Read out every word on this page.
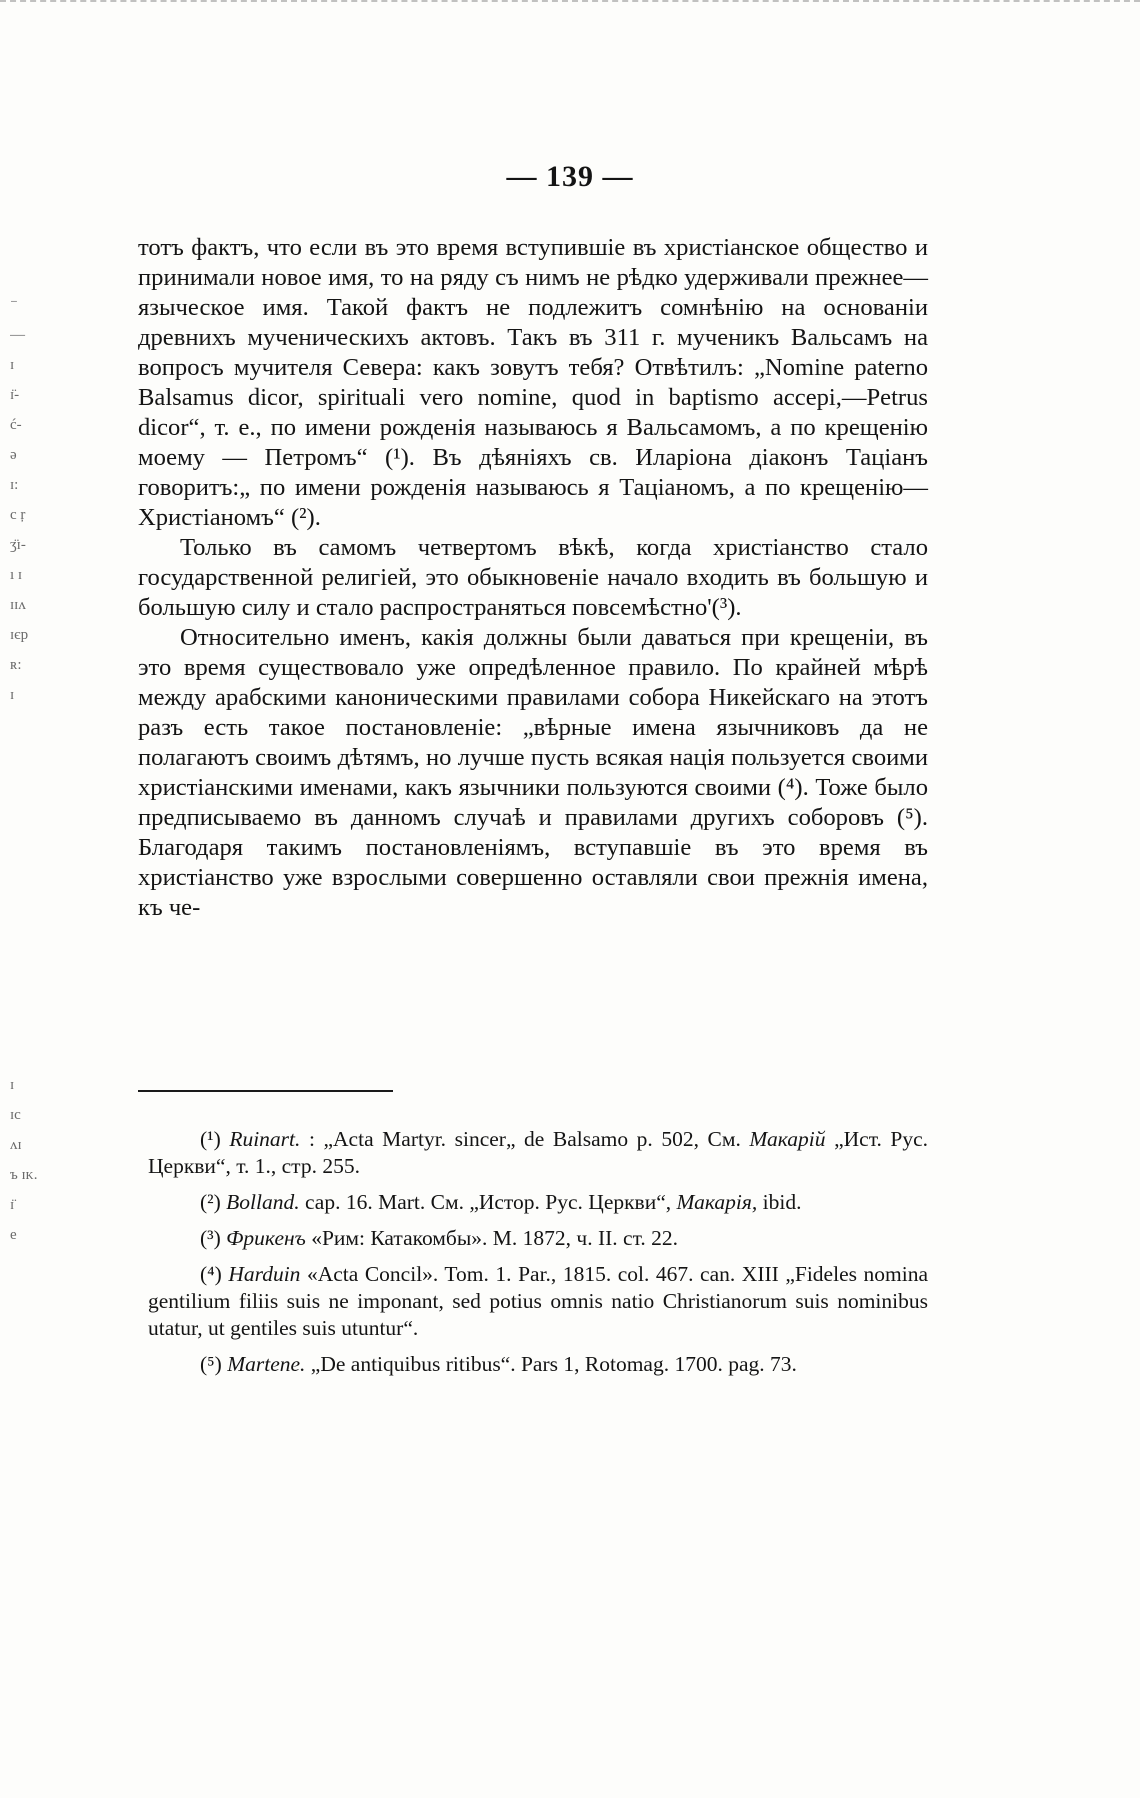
— 139 —
⁻
—
ɪ
ɪ̈‐
ć‐
ǝ
ɪ:
c ŗ
ʒ̈ɪ-
ı ɪ
ɪɪʌ
ɪєp
ʀ:
ɪ
ɪ
ɪc
ʌɪ
ъ ɪᴋ.
ɪ̈
e

тотъ фактъ, что если въ это время вступившіе въ христіанское общество и принимали новое имя, то на ряду съ нимъ не рѣдко удерживали прежнее—языческое имя. Такой фактъ не подлежитъ сомнѣнію на основаніи древнихъ мученическихъ актовъ. Такъ въ 311 г. мученикъ Вальсамъ на вопросъ мучителя Севера: какъ зовутъ тебя? Отвѣтилъ: „Nomine paterno Balsamus dicor, spirituali vero nomine, quod in baptismo accepi,—Petrus dicor“, т. е., по имени рожденія называюсь я Вальсамомъ, а по крещенію моему — Петромъ“ (¹). Въ дѣяніяхъ св. Иларіона діаконъ Таціанъ говоритъ:„ по имени рожденія называюсь я Таціаномъ, а по крещенію—Христіаномъ“ (²).

Только въ самомъ четвертомъ вѣкѣ, когда христіанство стало государственной религіей, это обыкновеніе начало входить въ большую и большую силу и стало распространяться повсемѣстно'(³).

Относительно именъ, какія должны были даваться при крещеніи, въ это время существовало уже опредѣленное правило. По крайней мѣрѣ между арабскими каноническими правилами собора Никейскаго на этотъ разъ есть такое постановленіе: „вѣрные имена язычниковъ да не полагаютъ своимъ дѣтямъ, но лучше пусть всякая нація пользуется своими христіанскими именами, какъ язычники пользуются своими (⁴). Тоже было предписываемо въ данномъ случаѣ и правилами другихъ соборовъ (⁵). Благодаря такимъ постановленіямъ, вступавшіе въ это время въ христіанство уже взрослыми совершенно оставляли свои прежнія имена, къ че-

(¹) Ruinart. : „Acta Martyr. sincer„ de Balsamo p. 502, Cм. Макарій „Ист. Рус. Церкви“, т. 1., стр. 255.

(²) Bolland. сар. 16. Mart. См. „Истор. Рус. Церкви“, Макарія, ibid.

(³) Фрикенъ «Рим: Катакомбы». М. 1872, ч. II. ст. 22.

(⁴) Harduin «Acta Concil». Tom. 1. Par., 1815. col. 467. can. XIII „Fideles nomina gentilium filiis suis ne imponant, sed potius omnis natio Christianorum suis nominibus utatur, ut gentiles suis utuntur“.

(⁵) Martene. „De antiquibus ritibus“. Pars 1, Rotomag. 1700. pag. 73.
